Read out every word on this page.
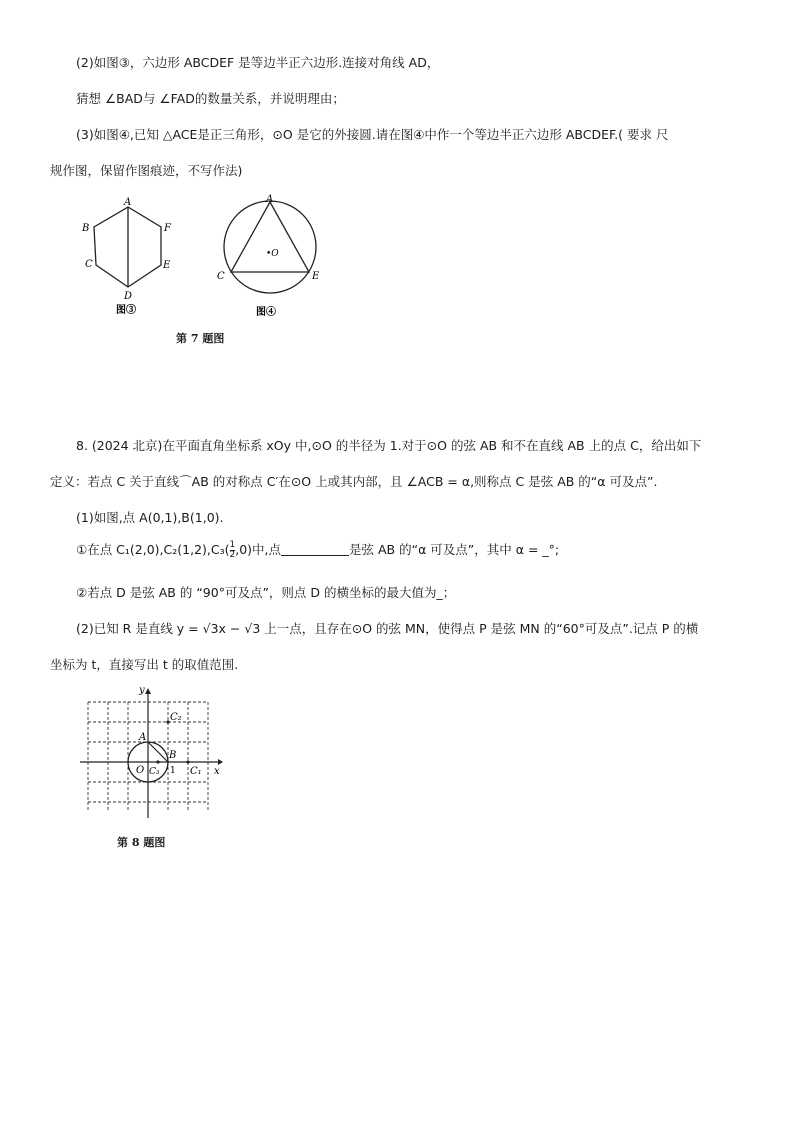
(2)如图③，六边形 ABCDEF 是等边半正六边形.连接对角线 AD，
猜想 ∠BAD与 ∠FAD的数量关系，并说明理由；
(3)如图④,已知 △ACE是正三角形，⊙O 是它的外接圆.请在图④中作一个等边半正六边形 ABCDEF.( 要求 尺
规作图，保留作图痕迹，不写作法)
A
B
C
D
E
F
图③
A
C	E
•O
图④
第 7 题图
8. (2024 北京)在平面直角坐标系 xOy 中,⊙O 的半径为 1.对于⊙O 的弦 AB 和不在直线 AB 上的点 C，给出如下
定义：若点 C 关于直线⌒AB 的对称点 C′在⊙O 上或其内部，且 ∠ACB = α,则称点 C 是弦 AB 的“α 可及点”.
(1)如图,点 A(0,1),B(1,0).
①在点 $C_1(2,0),C_2(1,2),C_3( \frac{1}{2} ,0)$中,点	是弦 AB 的“α 可及点”，其中 α = _°;
②若点 D 是弦 AB 的 “90°可及点”，则点 D 的横坐标的最大值为_；
(2)已知 R 是直线 y = √3x − √3 上一点，且存在⊙O 的弦 MN，使得点 P 是弦 MN 的“60°可及点”.记点 P 的横
坐标为 t，直接写出 t 的取值范围.
y
x
O
A
B
C₂
C₃	C₁
1
第 8 题图
